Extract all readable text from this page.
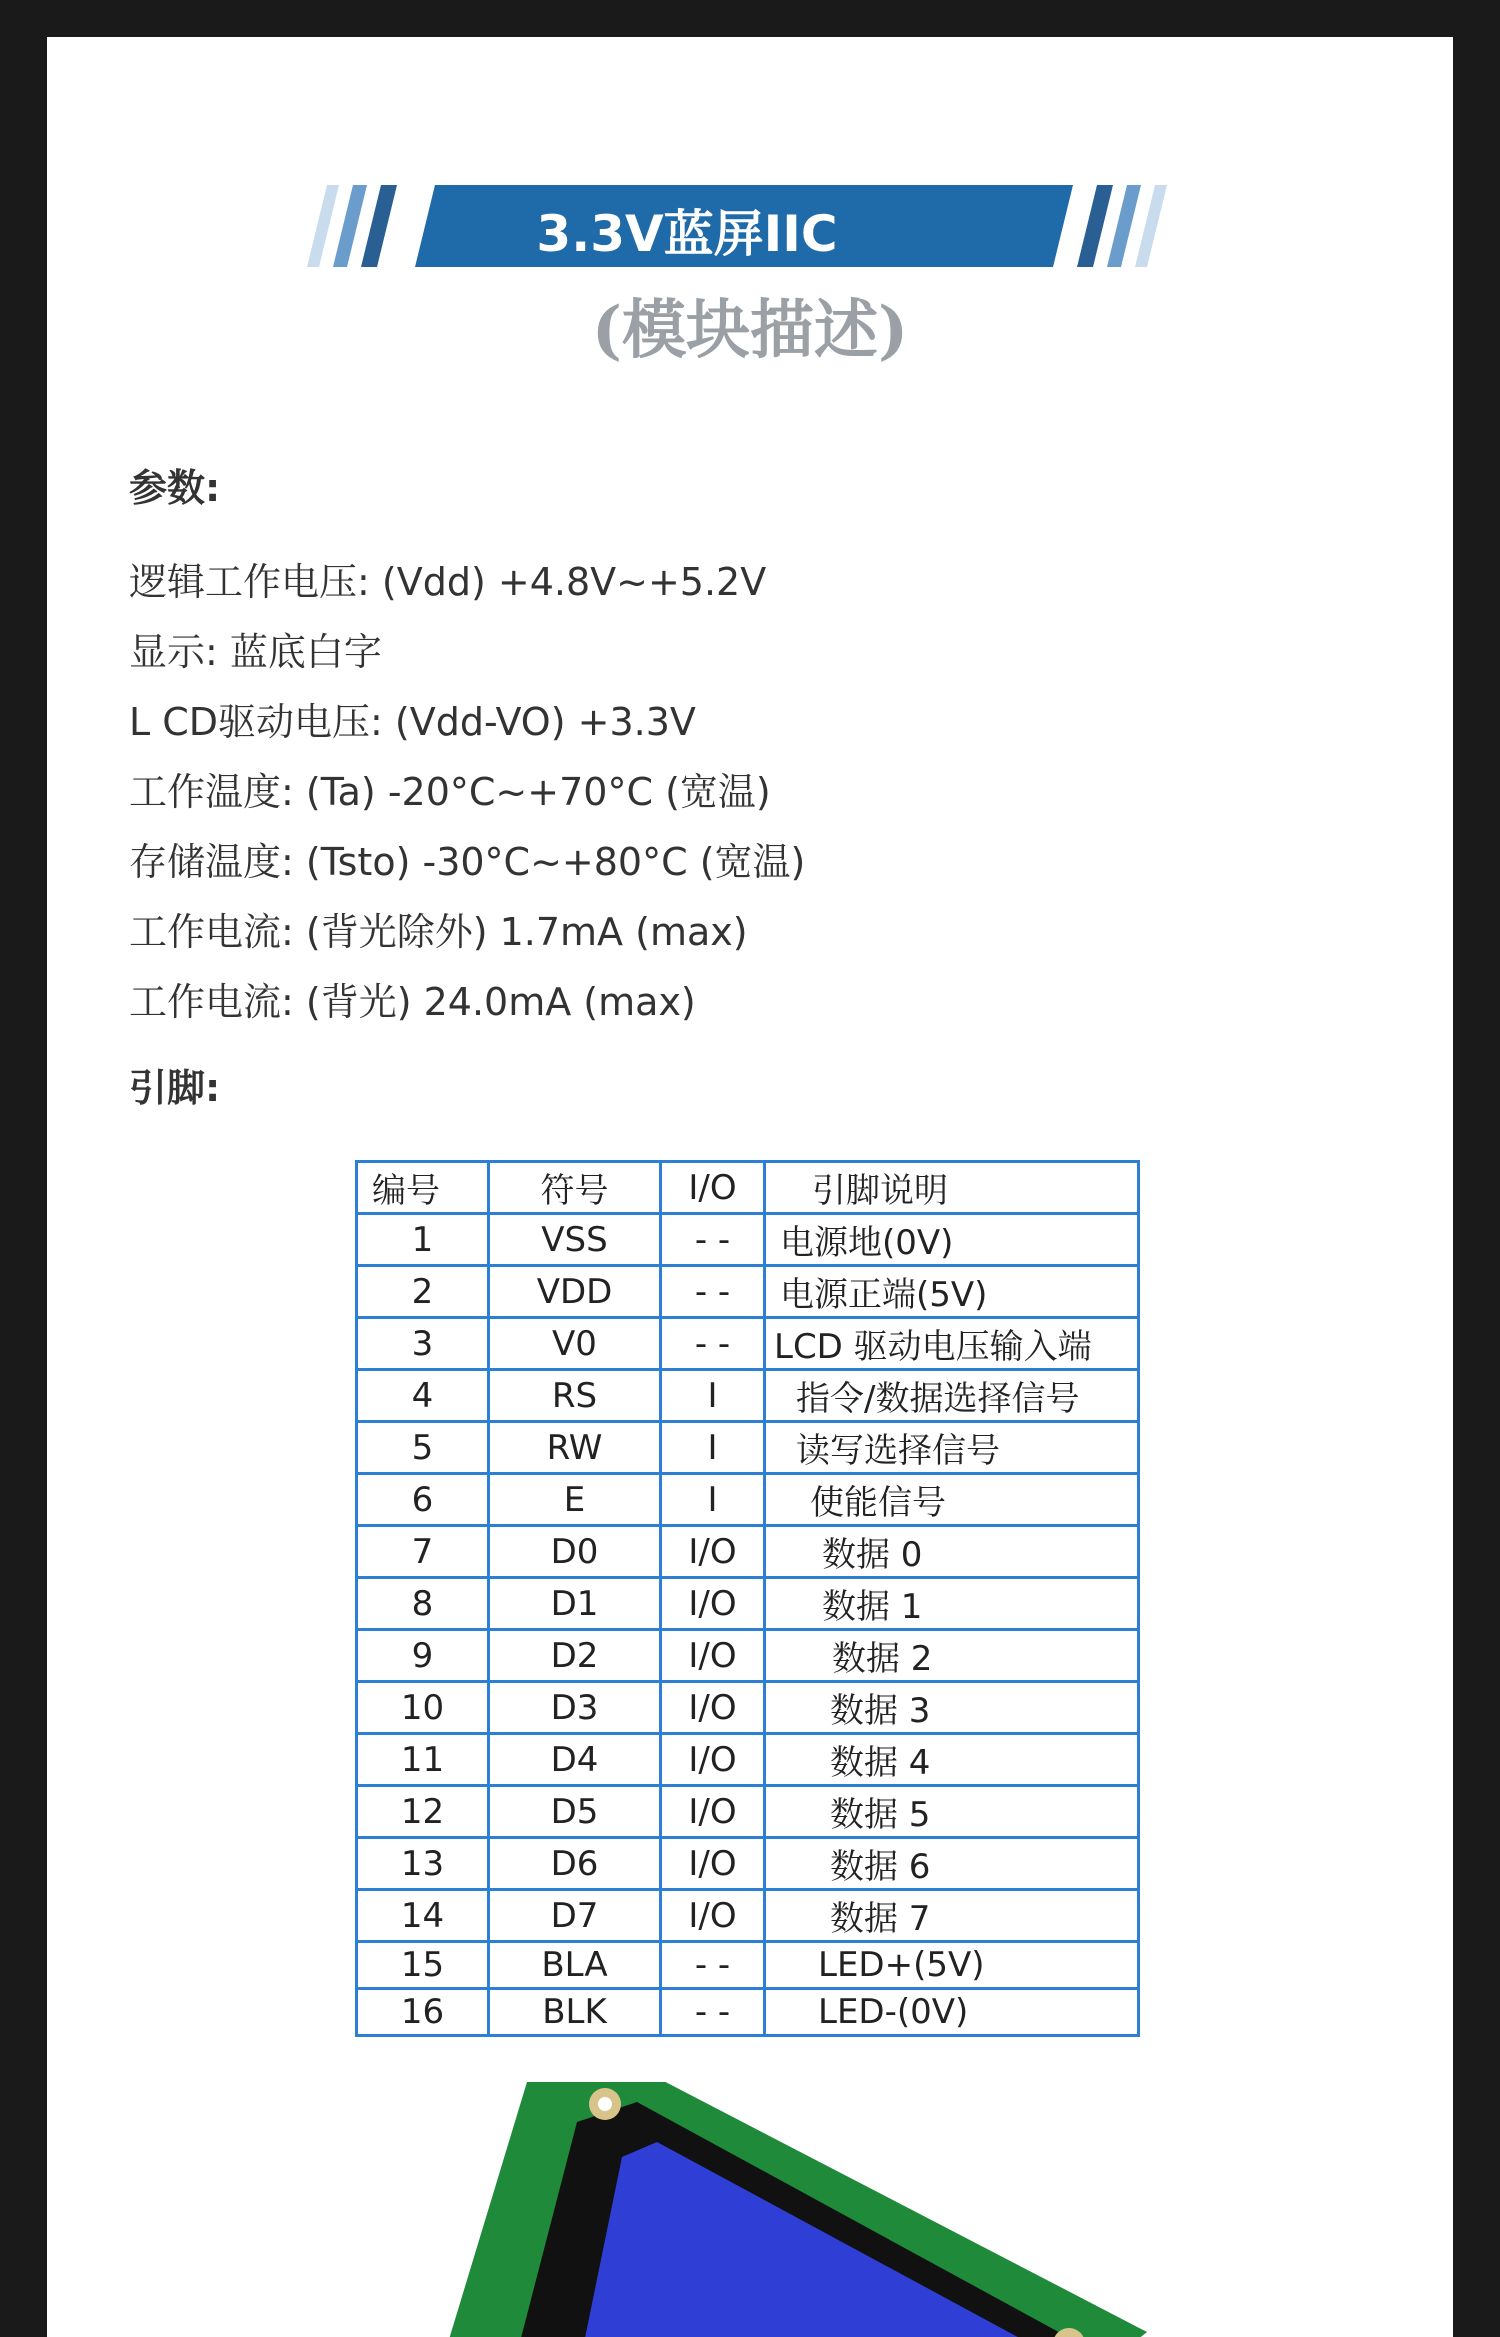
3.3V蓝屏IIC
(模块描述)
参数:
逻辑工作电压: (Vdd) +4.8V~+5.2V
显示: 蓝底白字
L CD驱动电压: (Vdd-VO) +3.3V
工作温度: (Ta) -20°C~+70°C (宽温)
存储温度: (Tsto) -30°C~+80°C (宽温)
工作电流: (背光除外) 1.7mA (max)
工作电流: (背光) 24.0mA (max)
引脚:
编号	符号	I/O	引脚说明
1	VSS	- -	电源地(0V)
2	VDD	- -	电源正端(5V)
3	V0	- -	LCD 驱动电压输入端
4	RS	I	指令/数据选择信号
5	RW	I	读写选择信号
6	E	I	使能信号
7	D0	I/O	数据 0
8	D1	I/O	数据 1
9	D2	I/O	数据 2
10	D3	I/O	数据 3
11	D4	I/O	数据 4
12	D5	I/O	数据 5
13	D6	I/O	数据 6
14	D7	I/O	数据 7
15	BLA	- -	LED+(5V)
16	BLK	- -	LED-(0V)
